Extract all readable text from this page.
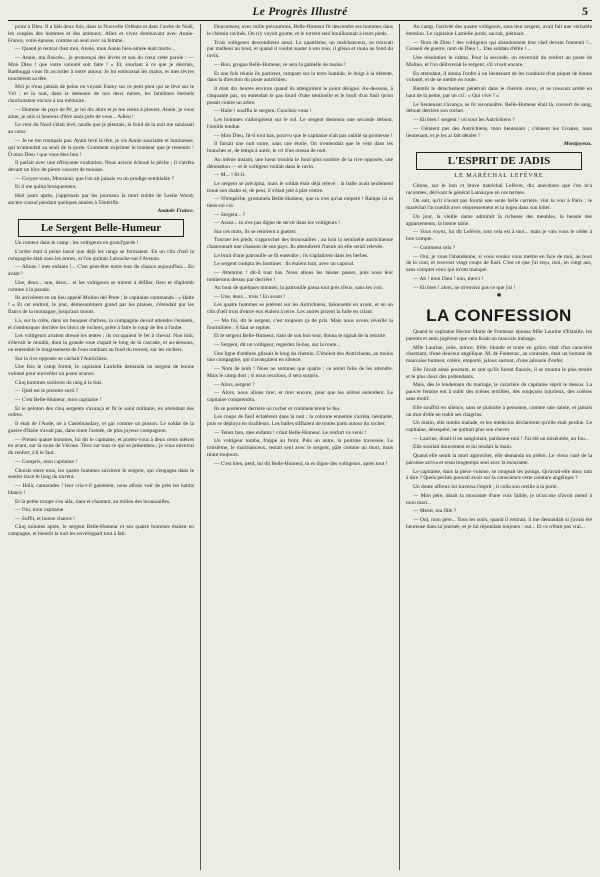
Le Progrès Illustré	5

point à Dieu. Il a bâti deux fois, dans la Nouvelle Orléans et dans l'ordre de Noël, les couples des hommes et des animaux. Allez et vivez dorénavant avec Annie-France, votre épouse, comme un seul avec sa femme.

— Quand je rentrai chez moi, Annie, mon Annie bien-aimée était morte...

— Annie, ma fiancée... je prononçai des lèvres et son du cœur cette parole : — Mon Dieu ! que votre volonté soit faite ! » Et, souriant à ce que je désirais, Batthugga vous fit accorder à notre amour. Je lui embrassai les mains, et mes lèvres touchèrent sa tête.

Moi je n'eus jamais de peine en voyant Fanny sur ce petit pont qui se lève sur le Vél ; et la nuit, dans la demeure de nos deux mères, les fantômes éternels chuchotaient encore à ma mémoire.

— Homme du pays de Pé, je lui dis alors et je me remis à pleurer, Annie, je vous aime, je suis si heureux d'être assis près de vous... Adieu !

Le vent du Nord s'était levé, tandis que je pleurais, le froid de la nuit me saisissait au cœur.

— Je ne me trompais pas. Ayant levé la tête, je vis Annie souriante et lumineuse, qui m'attendait au seuil de la porte. Comment exprimer le bonheur que je ressentis ! Ô mon Dieu ! que vous êtes bon !

Il parlait avec une effrayante exaltation. Nous avions échoué la pêche ; il s'arrêta devant un bloc de pierre couvert de mousse.

— Croyez-vous, Monsieur, que l'on ait jamais vu un prodige semblable ?

Et il me quitta brusquement.

Huit jours après, j'apprenais par les journaux la mort subite de Leslie Wood, ancien consul pendant quelques années à Ténériffe.

Anatole France.
Le Sergent Belle-Humeur

Un rumeur dans le camp : les voltigeurs en grand'garde !

L'ordre était à peine lancé que déjà les rangs se formaient. En un clin d'œil la compagnie était sous les armes, et l'on quittait Latouche-sur-l'Avenne.

— Allons ! mes enfants !... C'est peut-être notre tour de chance aujourd'hui... En avant !

Une, deux... une, deux... et les voltigeurs se mirent à défiler, fiers et d'aplomb comme à la parade.

Ils arrivèrent en un lieu appelé Molino del Prete ; le capitaine commanda : « Halte ! » Et cet endroit, le jour, démesurément grand par les plaines, s'étendait par les flancs de la montagne, jusqu'aux monts.

Là, sur la crête, dans un bouquet d'arbres, la compagnie devait attendre l'ennemi, et s'embusquer derrière les blocs de rochers, prête à faire le coup de feu à l'aube.

Les voltigeurs avaient dressé les tentes ; ils occupaient le fer à cheval. Non loin, s'élevait le moulin, dont la grande roue clapait le long de la cascade, et au-dessous, on entendait le mugissement de l'eau tombant au fond du torrent, sur les rochers.

Sur la rive opposée se cachait l'Autrichien.

Une fois le camp formé, le capitaine Latrielle demanda un sergent de bonne volonté pour surveiller un poste avancé.

Cinq hommes sortirent du rang à la fois.

— Quel est le premier sorti ?

— C'est Belle-Humeur, mon capitaine !

Et le peloton des cinq sergents s'avança et fit le salut militaire, en attendant des ordres.

Il était de l'Aude, né à Castelnaudary, et gai comme un pinson. Le soldat de la guerre d'Italie n'avait pas, dans toute l'armée, de plus joyeux compagnon.

— Prenez quatre hommes, lui dit le capitaine, et portez-vous à deux cents mètres en avant, sur la route de Vérone. Tirez sur tout ce qui se présentera ; je vous enverrai du renfort, s'il le faut.

— Compris, mon capitaine !

Choisis entre tous, les quatre hommes suivirent le sergent, qui s'engagea dans le sentier tracé le long du torrent.

— Holà, camarades ! leur cria-t-il gaiement, nous allons voir de près les habits blancs !

Et la petite troupe s'en alla, riant et chantant, au milieu des broussailles.

— Oui, mon capitaine.

— Suffit, et bonne chance !

Cinq minutes après, le sergent Belle-Humeur et ses quatre hommes étaient en campagne, et bientôt la nuit les enveloppait tout à fait.

Doucement, avec mille précautions, Belle-Humeur fit descendre ses hommes dans le chemin ravinés. On n'y voyait goutte, et le torrent seul bouillonnait à leurs pieds.

Trois voltigeurs descendirent aussi. Le quatrième, un malchanceux, se trouvait par malheur au bout, et quand il voulut sauter à son tour, il glissa et roula au fond du ravin.

— Bon, grogna Belle-Humeur, ce sera la gamelle de moins !

Et une fois réunis ils partirent, rampant sur la terre humide, le doigt à la détente, dans la direction du poste autrichien.

Il était dix heures environ quand ils atteignirent le point désigné. Au-dessous, à cinquante pas, on entendait le pas lourd d'une sentinelle et le bruit d'un fusil qu'on posait contre un arbre.

— Halte ! souffla le sergent. Couchez-vous !

Les hommes s'allongèrent sur le sol. Le sergent demeura une seconde debout, l'oreille tendue.

— Mon Dieu, fit-il tout bas, pourvu que le capitaine n'ait pas oublié sa promesse !

Il faisait une nuit noire, sans une étoile. On n'entendait que le vent dans les branches et, de temps à autre, le cri d'un oiseau de nuit.

Au même instant, une lueur troubla le fond plus sombre de la rive opposée, une détonation — et le voltigeur roulait dans le ravin.

— M... ! fit-il.

Le sergent se précipita, mais le soldat était déjà relevé : la balle avait seulement troué son shako et, de peur, il s'était jeté à plat ventre.

— N'empêche, grommela Belle-Humeur, que tu n'es qu'un empoté ! Rampe ici et tiens-toi coi.

— Sergent... ?

— Assez... tu n'es pas digne de servir dans les voltigeurs !

Sur ces mots, ils se remirent à guetter.

Tourner les pieds, s'approcher des broussailles ; au loin la sentinelle autrichienne chantonnait une chanson de son pays. Ils attendirent l'heure où elle serait relevée.

Le bruit d'une patrouille se fit entendre ; ils s'aplatirent dans les herbes.

Le sergent compta les hommes : ils étaient huit, avec un caporal.

— Attention ! dit-il tout bas. Nous allons les laisser passer, puis nous leur tomberons dessus par derrière !

Au bout de quelques minutes, la patrouille passa tout près d'eux, sans les voir.

— Une, deux... trois ! En avant !

Les quatre hommes se jetèrent sur les Autrichiens, baïonnette en avant, et en un clin d'œil trois d'entre eux étaient à terre. Les autres prirent la fuite en criant.

— Ma foi, dit le sergent, c'est toujours ça de pris. Mais nous avons réveillé la fourmilière ; il faut se replier.

Et le sergent Belle-Humeur, riant de son bon tour, donna le signal de la retraite.

— Sergent, dit un voltigeur, regardez là-bas, sur la route...

Une ligne d'ombres glissait le long du chemin. C'étaient des Autrichiens, au moins une compagnie, qui s'avançaient en silence.

— Nom de nom ! Nous ne sommes que quatre ; ce serait folie de les attendre. Mais le camp dort ; si nous reculons, il sera surpris.

— Alors, sergent ?

— Alors, nous allons tirer, et tirer encore, pour que les nôtres entendent. Le capitaine comprendra.

Ils se postèrent derrière un rocher et commencèrent le feu.

Les coups de fusil éclatèrent dans la nuit ; la colonne ennemie s'arrêta, hésitante, puis se déploya en tirailleurs. Les balles sifflaient de toutes parts autour du rocher.

— Tenez bon, mes enfants ! criait Belle-Humeur. Le renfort va venir !

Un voltigeur tomba, frappé au front. Puis un autre, la poitrine traversée. Le troisième, le malchanceux, restait seul avec le sergent, pâle comme un mort, mais tirant toujours.

— C'est bien, petit, lui dit Belle-Humeur, tu es digne des voltigeurs, après tout !

Au camp, l'arrivée des quatre voltigeurs, sans leur sergent, avait fait une véritable émotion. Le capitaine Latrielle jurait, sacrait, piétinait.

— Nom de Dieu ! des voltigeurs qui abandonnent leur chef devant l'ennemi !... Conseil de guerre, nom de Dieu !... Des soldats d'élite !...

Une résolution le calma. Pour la seconde, on enverrait du renfort au poste de Molino, et l'on délivrerait le sergent, s'il vivait encore.

En attendant, il donna l'ordre à un lieutenant de les conduire d'un piquet de bonne volonté, et de se mettre en route.

Bientôt le détachement pénétrait dans le chemin creux, et se trouvait arrêté en haut de la pente, par un cri : « Qui vive ? »

Le lieutenant s'avança, se fit reconnaître. Belle-Humeur était là, couvert de sang, debout derrière son rocher.

— Eh bien ! sergent ! où sont les Autrichiens ?

— Cétaient pas des Autrichiens, mon lieutenant ; c'étaient les Croates, mon lieutenant, et je les ai fait détaler !

Montjoyeux.
L'ESPRIT DE JADIS
LE MARÉCHAL LEFÈVRE

Citons, sur le bon et brave maréchal Lefèvre, dix anecdotes que l'on m'a racontées, dérivant le général Lamarque en ces termes.

On sait, qu'il n'avait pas fourni une seule belle carrière, vint la voir à Paris ; le maréchal l'accueillit avec empressement et la logea dans son hôtel.

Un jour, la vieille dame admirait la richesse des meubles, la beauté des appartements, la bonne table.

— Vous voyez, lui dit Lefèvre, tout cela est à moi... mais je vais vous le céder à bon compte.

— Comment cela ?

— Oui, je vous l'abandonne, si vous voulez vous mettre en face de moi, au bout de la cour, et recevoir vingt coups de fusil. C'est ce que j'ai reçu, moi, en vingt ans, sans compter ceux qui m'ont manqué.

— Ah ! mon Dieu ! non, merci !

— Eh bien ! alors, ne m'enviez pas ce que j'ai !

✱
LA CONFESSION

Quand le capitaine Hector-Marie de Fontenac épousa Mlle Laurine d'Estaille, les parents et amis jugèrent que cela ferait un mauvais ménage.

Mlle Laurine, jolie, mince, frêle, blonde et toute en grâce, était d'un caractère charmant, d'une douceur angélique. M. de Fontenac, au contraire, était un homme de mauvaise humeur, colère, emporté, jaloux surtout, d'une jalousie d'enfer.

Elle l'avait aimé pourtant, et tant qu'ils furent fiancés, il se montra le plus tendre et le plus doux des prétendants.

Mais, dès le lendemain du mariage, le caractère du capitaine reprit le dessus. La pauvre femme eut à subir des scènes terribles, des soupçons injurieux, des colères sans motif.

Elle souffrit en silence, sans se plaindre à personne, comme une sainte, et jamais un mot d'elle ne trahit ses chagrins.

Un matin, elle tomba malade, et les médecins déclarèrent qu'elle était perdue. Le capitaine, désespéré, ne quittait plus son chevet.

— Laurine, disait-il en sanglotant, pardonne-moi ! J'ai été un misérable, un fou...

Elle souriait doucement et lui tendait la main.

Quand elle sentit la mort approcher, elle demanda un prêtre. Le vieux curé de la paroisse arriva et resta longtemps seul avec la mourante.

Le capitaine, dans la pièce voisine, se rongeait les poings. Qu'avait-elle donc tant à dire ? Quels péchés pouvait avoir sur la conscience cette créature angélique ?

Un doute affreux lui traversa l'esprit ; il colla son oreille à la porte.

— Mon père, disait la mourante d'une voix faible, je m'accuse d'avoir menti à mon mari...

— Menti, ma fille ?

— Oui, mon père... Tous les soirs, quand il rentrait, il me demandait si j'avais été heureuse dans la journée, et je lui répondais toujours : oui... Et ce n'était pas vrai...
